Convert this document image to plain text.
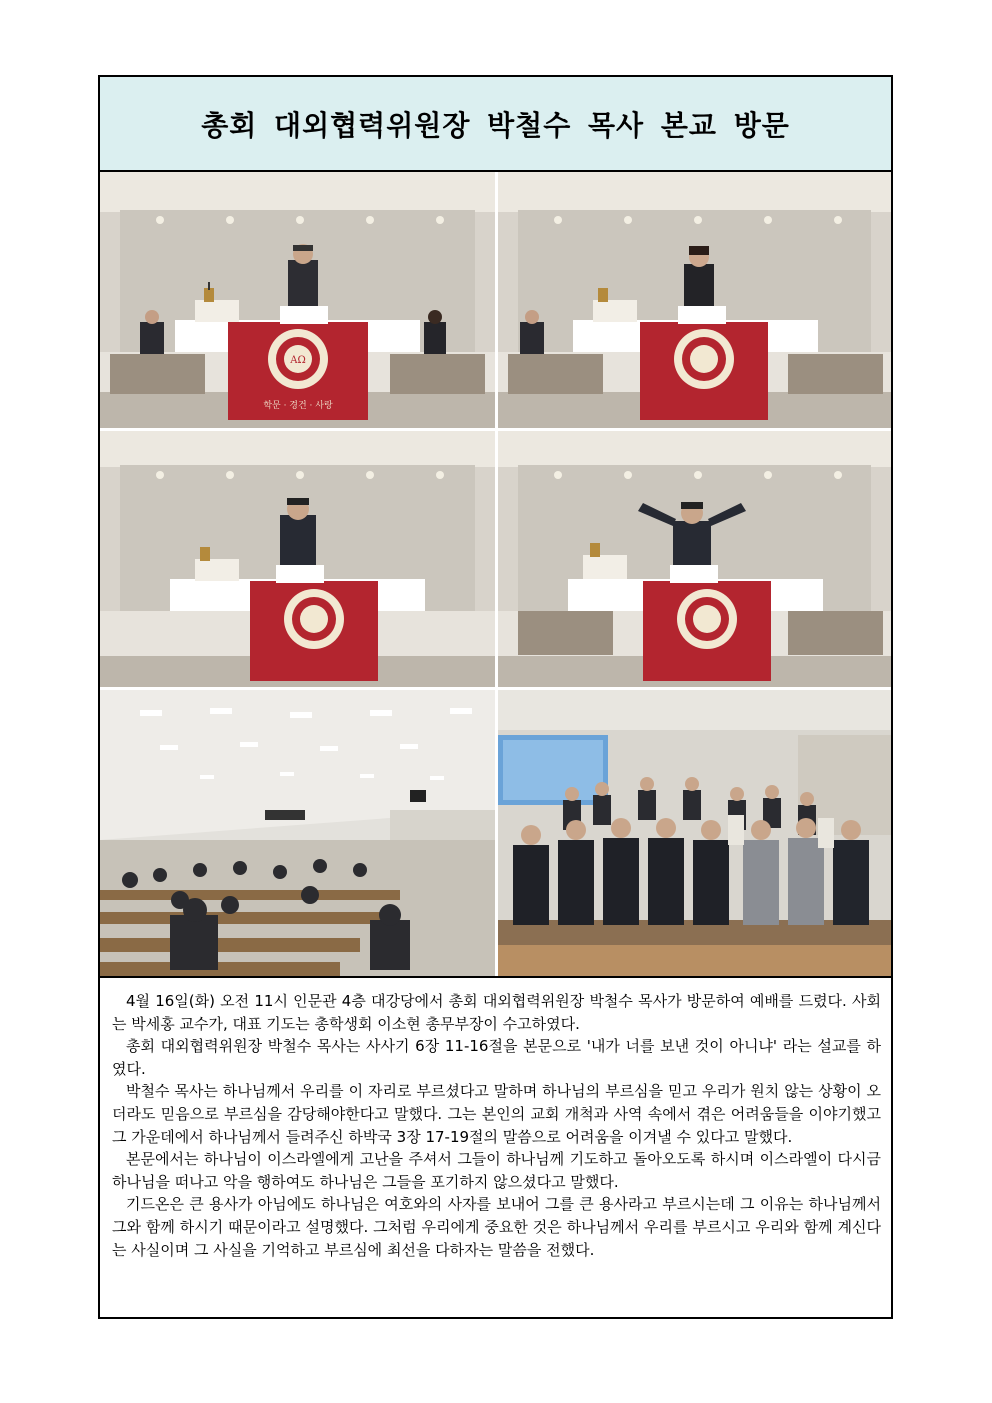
총회 대외협력위원장 박철수 목사 본교 방문
AΩ
학문 · 경건 · 사랑

4월 16일(화) 오전 11시 인문관 4층 대강당에서 총회 대외협력위원장 박철수 목사가 방문하여 예배를 드렸다. 사회는 박세홍 교수가, 대표 기도는 총학생회 이소현 총무부장이 수고하였다.

총회 대외협력위원장 박철수 목사는 사사기 6장 11-16절을 본문으로 '내가 너를 보낸 것이 아니냐' 라는 설교를 하였다.

박철수 목사는 하나님께서 우리를 이 자리로 부르셨다고 말하며 하나님의 부르심을 믿고 우리가 원치 않는 상황이 오더라도 믿음으로 부르심을 감당해야한다고 말했다. 그는 본인의 교회 개척과 사역 속에서 겪은 어려움들을 이야기했고 그 가운데에서 하나님께서 들려주신 하박국 3장 17-19절의 말씀으로 어려움을 이겨낼 수 있다고 말했다.

본문에서는 하나님이 이스라엘에게 고난을 주셔서 그들이 하나님께 기도하고 돌아오도록 하시며 이스라엘이 다시금 하나님을 떠나고 악을 행하여도 하나님은 그들을 포기하지 않으셨다고 말했다.

기드온은 큰 용사가 아님에도 하나님은 여호와의 사자를 보내어 그를 큰 용사라고 부르시는데 그 이유는 하나님께서 그와 함께 하시기 때문이라고 설명했다. 그처럼 우리에게 중요한 것은 하나님께서 우리를 부르시고 우리와 함께 계신다는 사실이며 그 사실을 기억하고 부르심에 최선을 다하자는 말씀을 전했다.
